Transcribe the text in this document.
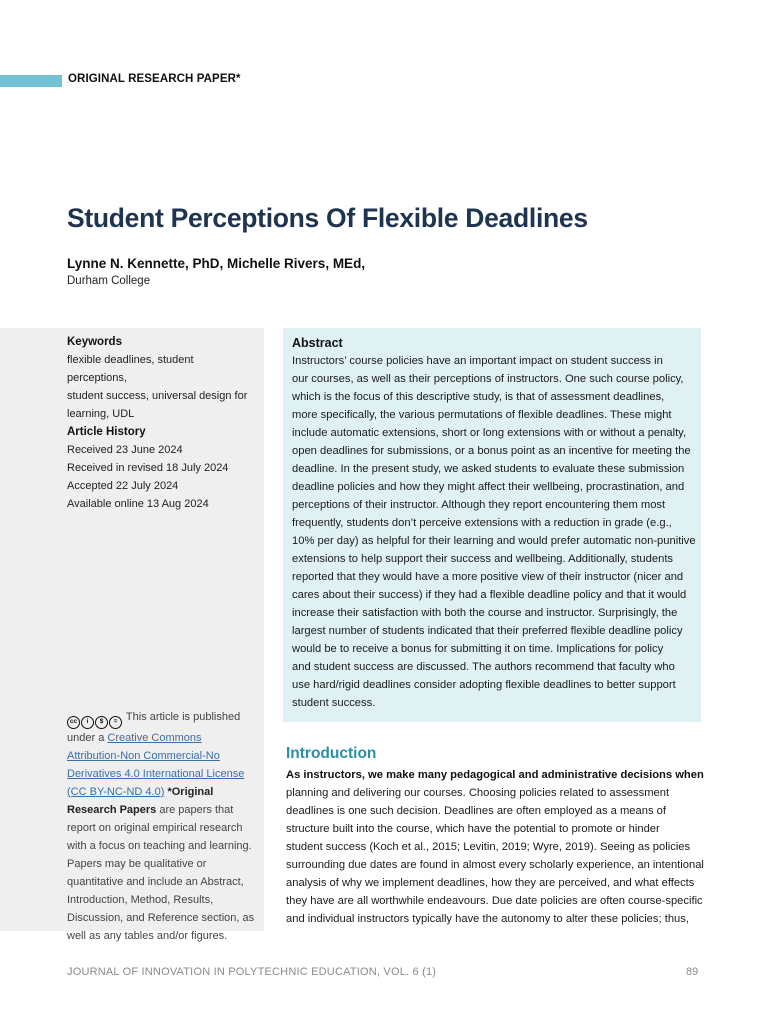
ORIGINAL RESEARCH PAPER*
Student Perceptions Of Flexible Deadlines
Lynne N. Kennette, PhD, Michelle Rivers, MEd,
Durham College
Keywords
flexible deadlines, student perceptions,
student success, universal design for
learning, UDL
Article History
Received 23 June 2024
Received in revised 18 July 2024
Accepted 22 July 2024
Available online 13 Aug 2024
cc	i	$	= This article is published under a Creative Commons Attribution-Non Commercial-No Derivatives 4.0 International License (CC BY-NC-ND 4.0) *Original Research Papers are papers that report on original empirical research with a focus on teaching and learning. Papers may be qualitative or quantitative and include an Abstract, Introduction, Method, Results, Discussion, and Reference section, as well as any tables and/or figures.
Abstract
Instructors’ course policies have an important impact on student success in
our courses, as well as their perceptions of instructors. One such course policy,
which is the focus of this descriptive study, is that of assessment deadlines,
more specifically, the various permutations of flexible deadlines. These might
include automatic extensions, short or long extensions with or without a penalty,
open deadlines for submissions, or a bonus point as an incentive for meeting the
deadline. In the present study, we asked students to evaluate these submission
deadline policies and how they might affect their wellbeing, procrastination, and
perceptions of their instructor. Although they report encountering them most
frequently, students don’t perceive extensions with a reduction in grade (e.g.,
10% per day) as helpful for their learning and would prefer automatic non-punitive
extensions to help support their success and wellbeing. Additionally, students
reported that they would have a more positive view of their instructor (nicer and
cares about their success) if they had a flexible deadline policy and that it would
increase their satisfaction with both the course and instructor. Surprisingly, the
largest number of students indicated that their preferred flexible deadline policy
would be to receive a bonus for submitting it on time. Implications for policy
and student success are discussed. The authors recommend that faculty who
use hard/rigid deadlines consider adopting flexible deadlines to better support
student success.
Introduction
As instructors, we make many pedagogical and administrative decisions when
planning and delivering our courses. Choosing policies related to assessment
deadlines is one such decision. Deadlines are often employed as a means of
structure built into the course, which have the potential to promote or hinder
student success (Koch et al., 2015; Levitin, 2019; Wyre, 2019). Seeing as policies
surrounding due dates are found in almost every scholarly experience, an intentional
analysis of why we implement deadlines, how they are perceived, and what effects
they have are all worthwhile endeavours. Due date policies are often course-specific
and individual instructors typically have the autonomy to alter these policies; thus,
JOURNAL OF INNOVATION IN POLYTECHNIC EDUCATION, VOL. 6 (1)	89
